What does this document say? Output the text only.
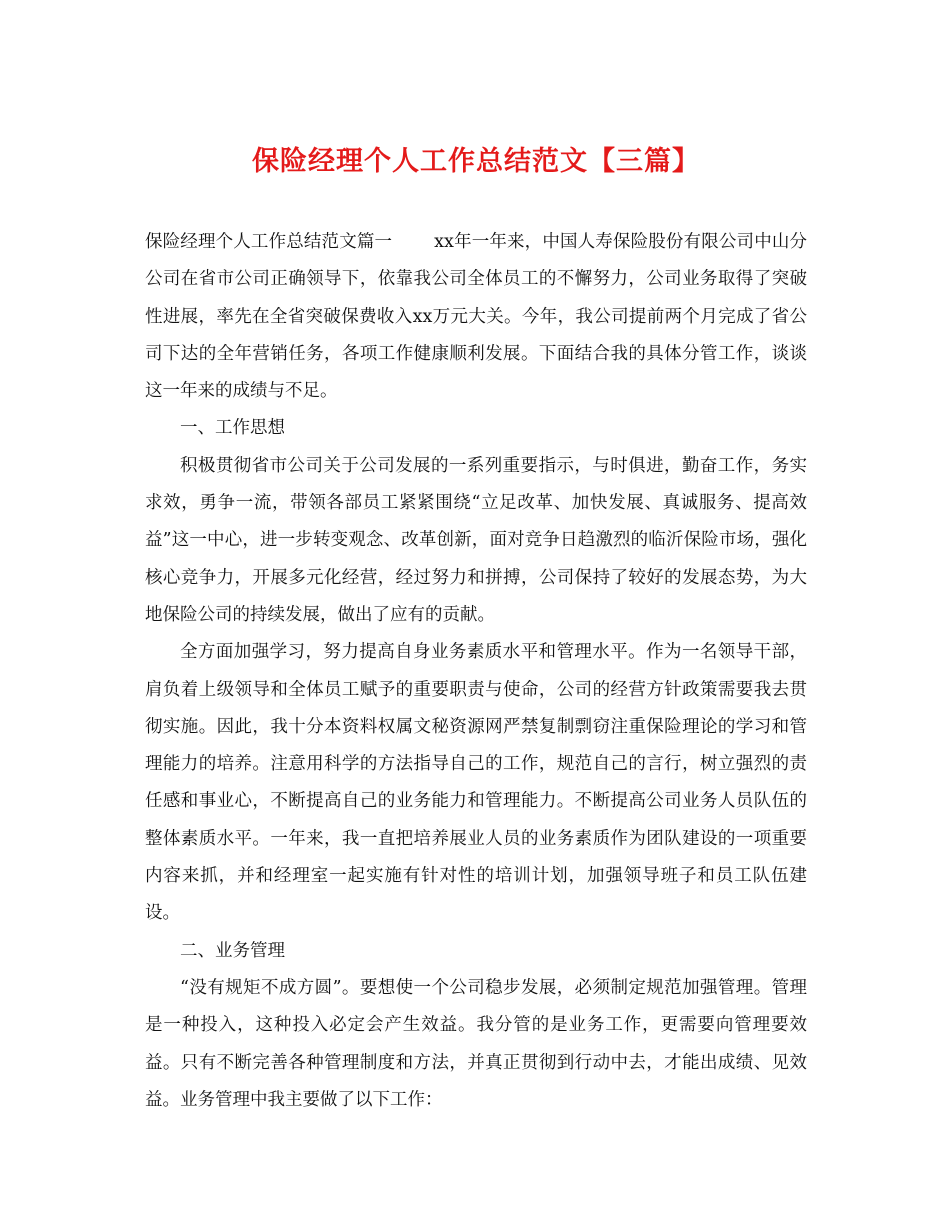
保险经理个人工作总结范文【三篇】

保险经理个人工作总结范文篇一 xx年一年来，中国人寿保险股份有限公司中山分公司在省市公司正确领导下，依靠我公司全体员工的不懈努力，公司业务取得了突破性进展，率先在全省突破保费收入xx万元大关。今年，我公司提前两个月完成了省公司下达的全年营销任务，各项工作健康顺利发展。下面结合我的具体分管工作，谈谈这一年来的成绩与不足。

一、工作思想

积极贯彻省市公司关于公司发展的一系列重要指示，与时俱进，勤奋工作，务实求效，勇争一流，带领各部员工紧紧围绕“立足改革、加快发展、真诚服务、提高效益”这一中心，进一步转变观念、改革创新，面对竞争日趋激烈的临沂保险市场，强化核心竞争力，开展多元化经营，经过努力和拼搏，公司保持了较好的发展态势，为大地保险公司的持续发展，做出了应有的贡献。

全方面加强学习，努力提高自身业务素质水平和管理水平。作为一名领导干部，肩负着上级领导和全体员工赋予的重要职责与使命，公司的经营方针政策需要我去贯彻实施。因此，我十分本资料权属文秘资源网严禁复制剽窃注重保险理论的学习和管理能力的培养。注意用科学的方法指导自己的工作，规范自己的言行，树立强烈的责任感和事业心，不断提高自己的业务能力和管理能力。不断提高公司业务人员队伍的整体素质水平。一年来，我一直把培养展业人员的业务素质作为团队建设的一项重要内容来抓，并和经理室一起实施有针对性的培训计划，加强领导班子和员工队伍建设。

二、业务管理

“没有规矩不成方圆”。要想使一个公司稳步发展，必须制定规范加强管理。管理是一种投入，这种投入必定会产生效益。我分管的是业务工作，更需要向管理要效益。只有不断完善各种管理制度和方法，并真正贯彻到行动中去，才能出成绩、见效益。业务管理中我主要做了以下工作：
